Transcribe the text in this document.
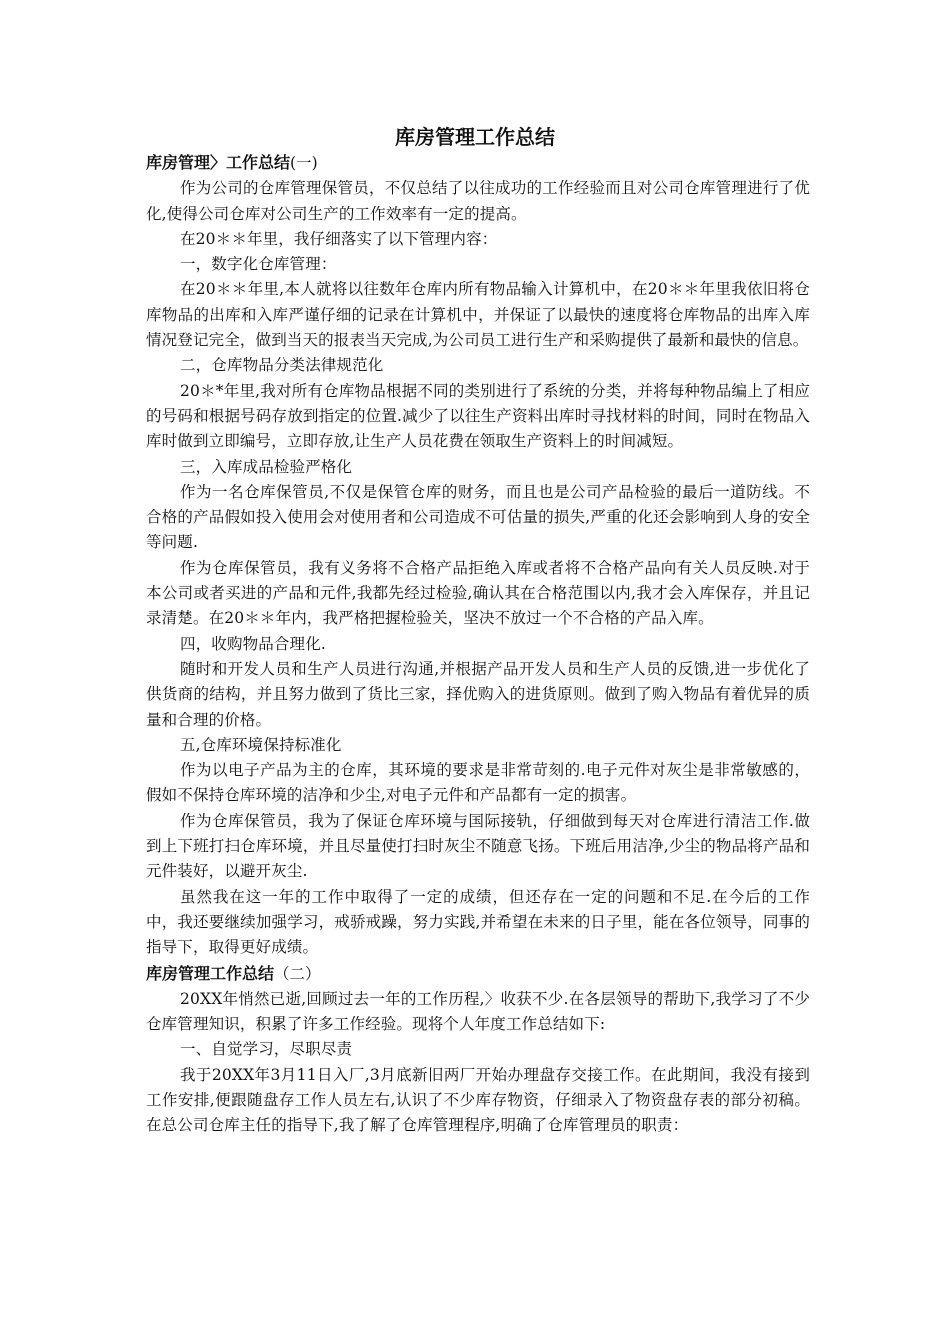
库房管理工作总结

库房管理〉工作总结(一)

作为公司的仓库管理保管员，不仅总结了以往成功的工作经验而且对公司仓库管理进行了优化,使得公司仓库对公司生产的工作效率有一定的提高。

在20＊＊年里，我仔细落实了以下管理内容：

一，数字化仓库管理：

在20＊＊年里,本人就将以往数年仓库内所有物品输入计算机中，在20＊＊年里我依旧将仓库物品的出库和入库严谨仔细的记录在计算机中，并保证了以最快的速度将仓库物品的出库入库情况登记完全，做到当天的报表当天完成,为公司员工进行生产和采购提供了最新和最快的信息。

二，仓库物品分类法律规范化

20＊*年里,我对所有仓库物品根据不同的类别进行了系统的分类，并将每种物品编上了相应的号码和根据号码存放到指定的位置.减少了以往生产资料出库时寻找材料的时间，同时在物品入库时做到立即编号，立即存放,让生产人员花费在领取生产资料上的时间减短。

三，入库成品检验严格化

作为一名仓库保管员,不仅是保管仓库的财务，而且也是公司产品检验的最后一道防线。不合格的产品假如投入使用会对使用者和公司造成不可估量的损失,严重的化还会影响到人身的安全等问题.

作为仓库保管员，我有义务将不合格产品拒绝入库或者将不合格产品向有关人员反映.对于本公司或者买进的产品和元件,我都先经过检验,确认其在合格范围以内,我才会入库保存，并且记录清楚。在20＊＊年内，我严格把握检验关，坚决不放过一个不合格的产品入库。

四，收购物品合理化.

随时和开发人员和生产人员进行沟通,并根据产品开发人员和生产人员的反馈,进一步优化了供货商的结构，并且努力做到了货比三家，择优购入的进货原则。做到了购入物品有着优异的质量和合理的价格。

五,仓库环境保持标准化

作为以电子产品为主的仓库，其环境的要求是非常苛刻的.电子元件对灰尘是非常敏感的，假如不保持仓库环境的洁净和少尘,对电子元件和产品都有一定的损害。

作为仓库保管员，我为了保证仓库环境与国际接轨，仔细做到每天对仓库进行清洁工作.做到上下班打扫仓库环境，并且尽量使打扫时灰尘不随意飞扬。下班后用洁净,少尘的物品将产品和元件装好，以避开灰尘.

虽然我在这一年的工作中取得了一定的成绩，但还存在一定的问题和不足.在今后的工作中，我还要继续加强学习，戒骄戒躁，努力实践,并希望在未来的日子里，能在各位领导，同事的指导下，取得更好成绩。

库房管理工作总结（二）

20XX年悄然已逝,回顾过去一年的工作历程,〉收获不少.在各层领导的帮助下,我学习了不少仓库管理知识，积累了许多工作经验。现将个人年度工作总结如下:

一、自觉学习，尽职尽责

我于20XX年3月11日入厂,3月底新旧两厂开始办理盘存交接工作。在此期间，我没有接到工作安排,便跟随盘存工作人员左右,认识了不少库存物资，仔细录入了物资盘存表的部分初稿。在总公司仓库主任的指导下,我了解了仓库管理程序,明确了仓库管理员的职责：
